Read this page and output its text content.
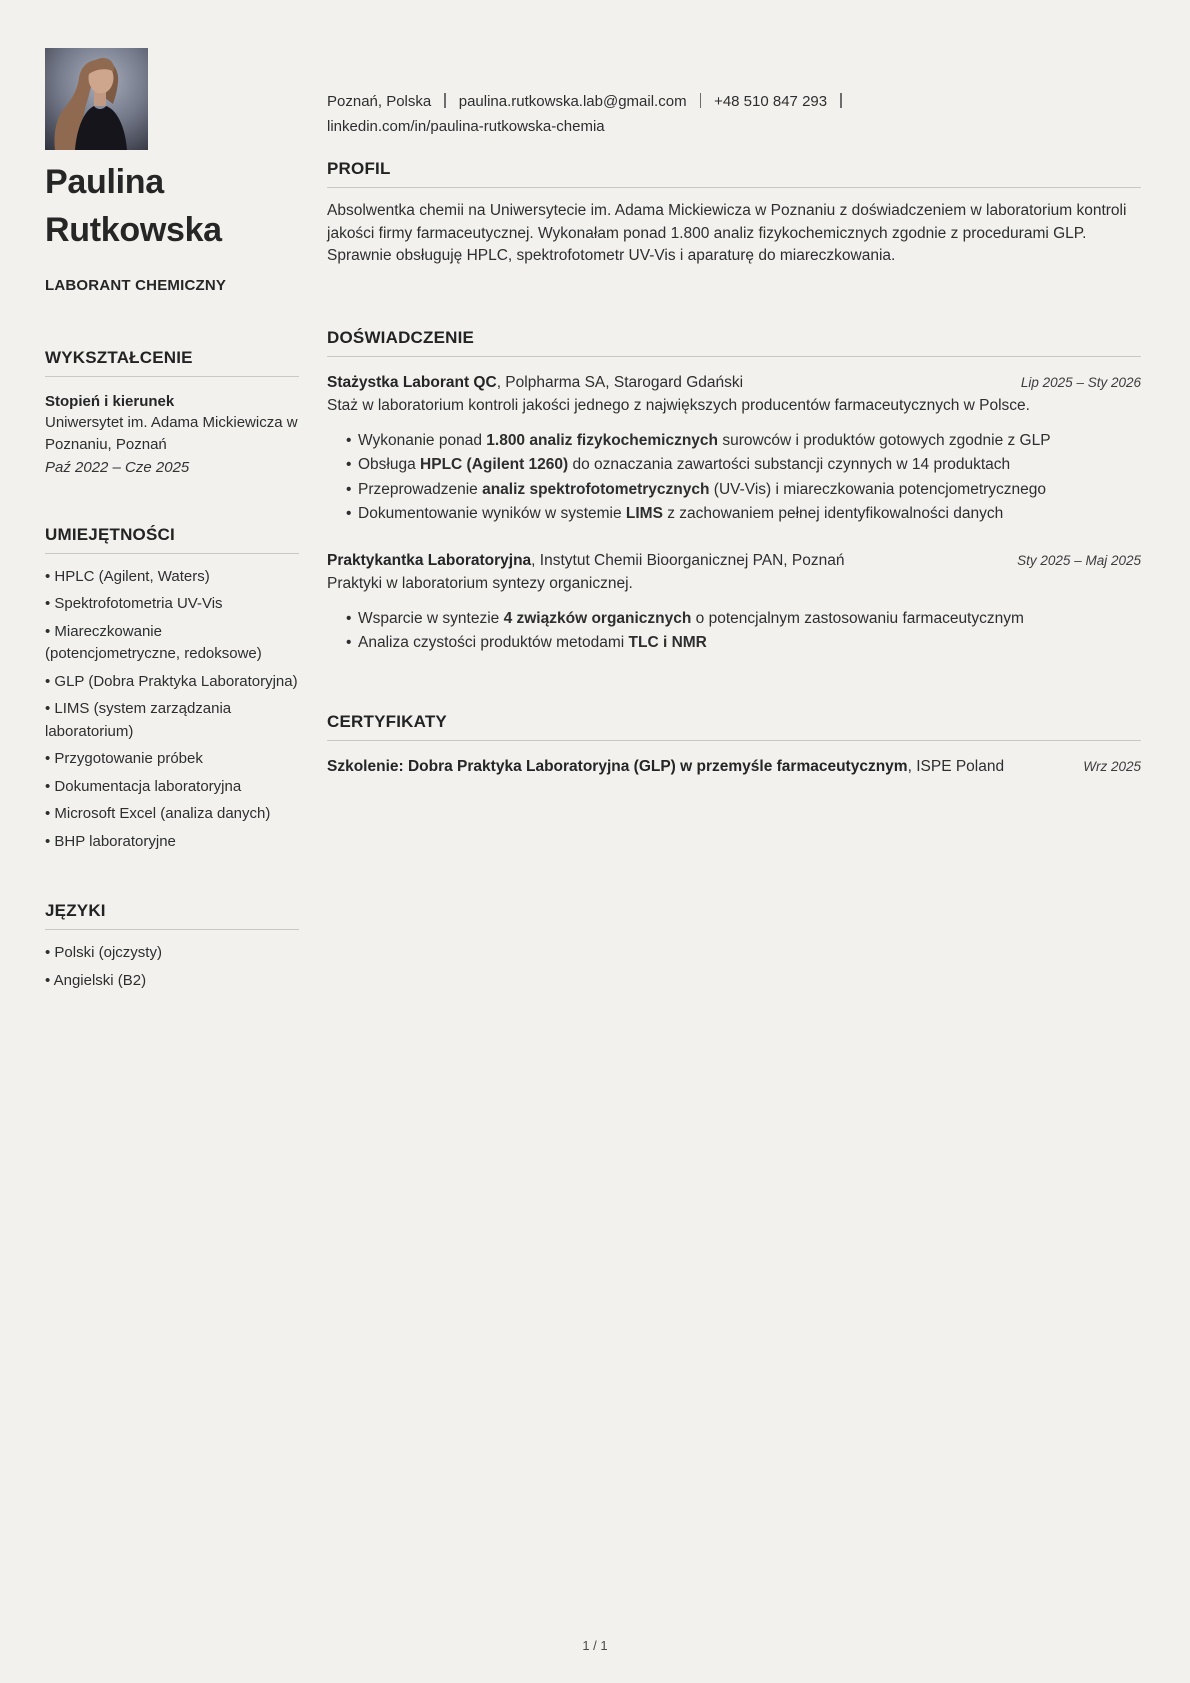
Paulina
Rutkowska
LABORANT CHEMICZNY
WYKSZTAŁCENIE
Stopień i kierunek
Uniwersytet im. Adama Mickiewicza w Poznaniu, Poznań
Paź 2022 – Cze 2025
UMIEJĘTNOŚCI
• HPLC (Agilent, Waters)
• Spektrofotometria UV-Vis
• Miareczkowanie (potencjometryczne, redoksowe)
• GLP (Dobra Praktyka Laboratoryjna)
• LIMS (system zarządzania laboratorium)
• Przygotowanie próbek
• Dokumentacja laboratoryjna
• Microsoft Excel (analiza danych)
• BHP laboratoryjne
JĘZYKI
• Polski (ojczysty)
• Angielski (B2)
Poznań, Polska paulina.rutkowska.lab@gmail.com +48 510 847 293
linkedin.com/in/paulina-rutkowska-chemia
PROFIL

Absolwentka chemii na Uniwersytecie im. Adama Mickiewicza w Poznaniu z doświadczeniem w laboratorium kontroli jakości firmy farmaceutycznej. Wykonałam ponad 1.800 analiz fizykochemicznych zgodnie z procedurami GLP. Sprawnie obsługuję HPLC, spektrofotometr UV-Vis i aparaturę do miareczkowania.

DOŚWIADCZENIE
Stażystka Laborant QC, Polpharma SA, Starogard Gdański	Lip 2025 – Sty 2026
Staż w laboratorium kontroli jakości jednego z największych producentów farmaceutycznych w Polsce.
• Wykonanie ponad 1.800 analiz fizykochemicznych surowców i produktów gotowych zgodnie z GLP
• Obsługa HPLC (Agilent 1260) do oznaczania zawartości substancji czynnych w 14 produktach
• Przeprowadzenie analiz spektrofotometrycznych (UV-Vis) i miareczkowania potencjometrycznego
• Dokumentowanie wyników w systemie LIMS z zachowaniem pełnej identyfikowalności danych
Praktykantka Laboratoryjna, Instytut Chemii Bioorganicznej PAN, Poznań	Sty 2025 – Maj 2025
Praktyki w laboratorium syntezy organicznej.
• Wsparcie w syntezie 4 związków organicznych o potencjalnym zastosowaniu farmaceutycznym
• Analiza czystości produktów metodami TLC i NMR
CERTYFIKATY
Szkolenie: Dobra Praktyka Laboratoryjna (GLP) w przemyśle farmaceutycznym, ISPE Poland	Wrz 2025
1 / 1
